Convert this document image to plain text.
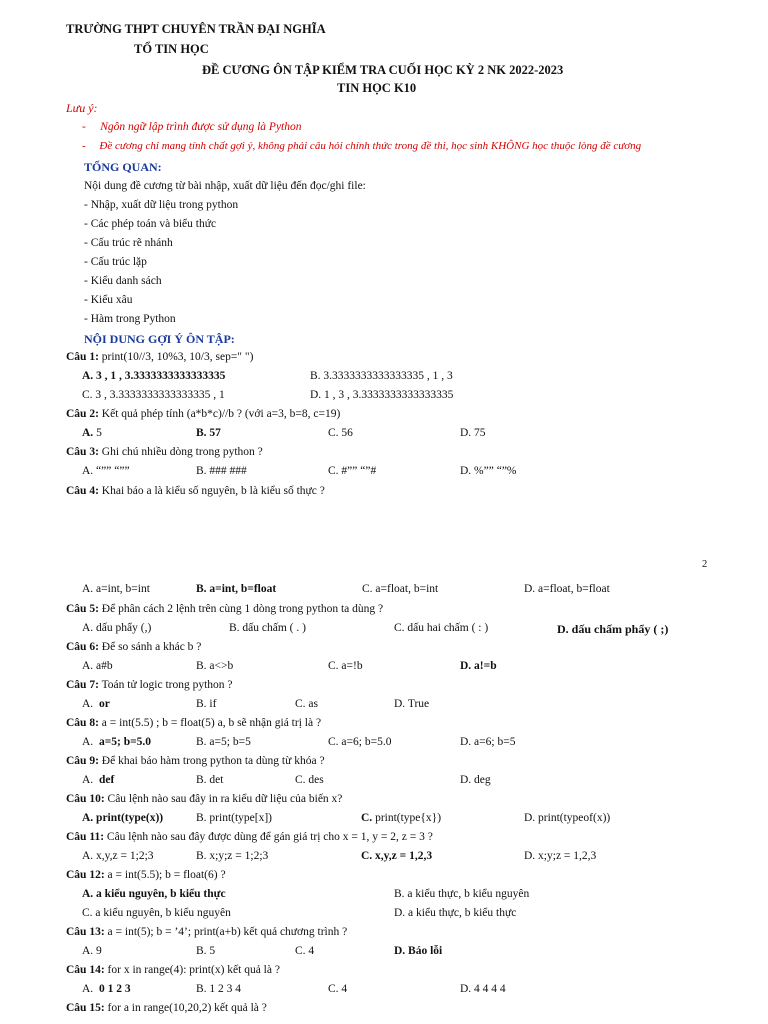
TRƯỜNG THPT CHUYÊN TRẦN ĐẠI NGHĨA
TỔ TIN HỌC
ĐỀ CƯƠNG ÔN TẬP KIỂM TRA CUỐI HỌC KỲ 2 NK 2022-2023
TIN HỌC K10
Lưu ý:
-     Ngôn ngữ lập trình được sử dụng là Python
-     Đề cương chỉ mang tính chất gợi ý, không phải câu hỏi chính thức trong đề thi, học sinh KHÔNG học thuộc lòng đề cương
TỔNG QUAN:
Nội dung đề cương từ bài nhập, xuất dữ liệu đến đọc/ghi file:
- Nhập, xuất dữ liệu trong python
- Các phép toán và biểu thức
- Cấu trúc rẽ nhánh
- Cấu trúc lặp
- Kiểu danh sách
- Kiểu xâu
- Hàm trong Python
NỘI DUNG GỢI Ý ÔN TẬP:
Câu 1: print(10//3, 10%3, 10/3, sep=" ")
A. 3 , 1 , 3.3333333333333335	B. 3.3333333333333335 , 1 , 3
C. 3 , 3.3333333333333335 , 1	D. 1 , 3 , 3.3333333333333335
Câu 2: Kết quả phép tính (a*b*c)//b ? (với a=3, b=8, c=19)
A. 5	B. 57	C. 56	D. 75
Câu 3: Ghi chú nhiều dòng trong python ?
A. “”” “””	B. ### ###	C. #”” “”#	D. %”” “”%
Câu 4: Khai báo a là kiểu số nguyên, b là kiểu số thực ?
2
A. a=int, b=int	B. a=int, b=float	C. a=float, b=int	D. a=float, b=float
Câu 5: Để phân cách 2 lệnh trên cùng 1 dòng trong python ta dùng ?
A. dấu phẩy (,)	B. dấu chấm ( . )	C. dấu hai chấm ( : )	D. dấu chấm phẩy ( ;)
Câu 6: Để so sánh a khác b ?
A. a#b	B. a<>b	C. a=!b	D. a!=b
Câu 7: Toán tử logic trong python ?
A.  or	B. if	C. as	D. True
Câu 8: a = int(5.5) ; b = float(5) a, b sẽ nhận giá trị là ?
A.  a=5; b=5.0	B. a=5; b=5	C. a=6; b=5.0	D. a=6; b=5
Câu 9: Để khai báo hàm trong python ta dùng từ khóa ?
A.  def	B. det	C. des	D. deg
Câu 10: Câu lệnh nào sau đây in ra kiểu dữ liệu của biến x?
A. print(type(x))	B. print(type[x])	C. print(type{x})	D. print(typeof(x))
Câu 11: Câu lệnh nào sau đây được dùng để gán giá trị cho x = 1, y = 2, z = 3 ?
A. x,y,z = 1;2;3	B. x;y;z = 1;2;3	C. x,y,z = 1,2,3	D. x;y;z = 1,2,3
Câu 12: a = int(5.5); b = float(6) ?
A. a kiểu nguyên, b kiểu thực	B. a kiểu thực, b kiểu nguyên
C. a kiểu nguyên, b kiểu nguyên	D. a kiểu thực, b kiểu thực
Câu 13: a = int(5); b = ’4’; print(a+b) kết quả chương trình ?
A. 9	B. 5	C. 4	D. Báo lỗi
Câu 14: for x in range(4): print(x) kết quả là ?
A.  0 1 2 3	B. 1 2 3 4	C. 4	D. 4 4 4 4
Câu 15: for a in range(10,20,2) kết quả là ?
